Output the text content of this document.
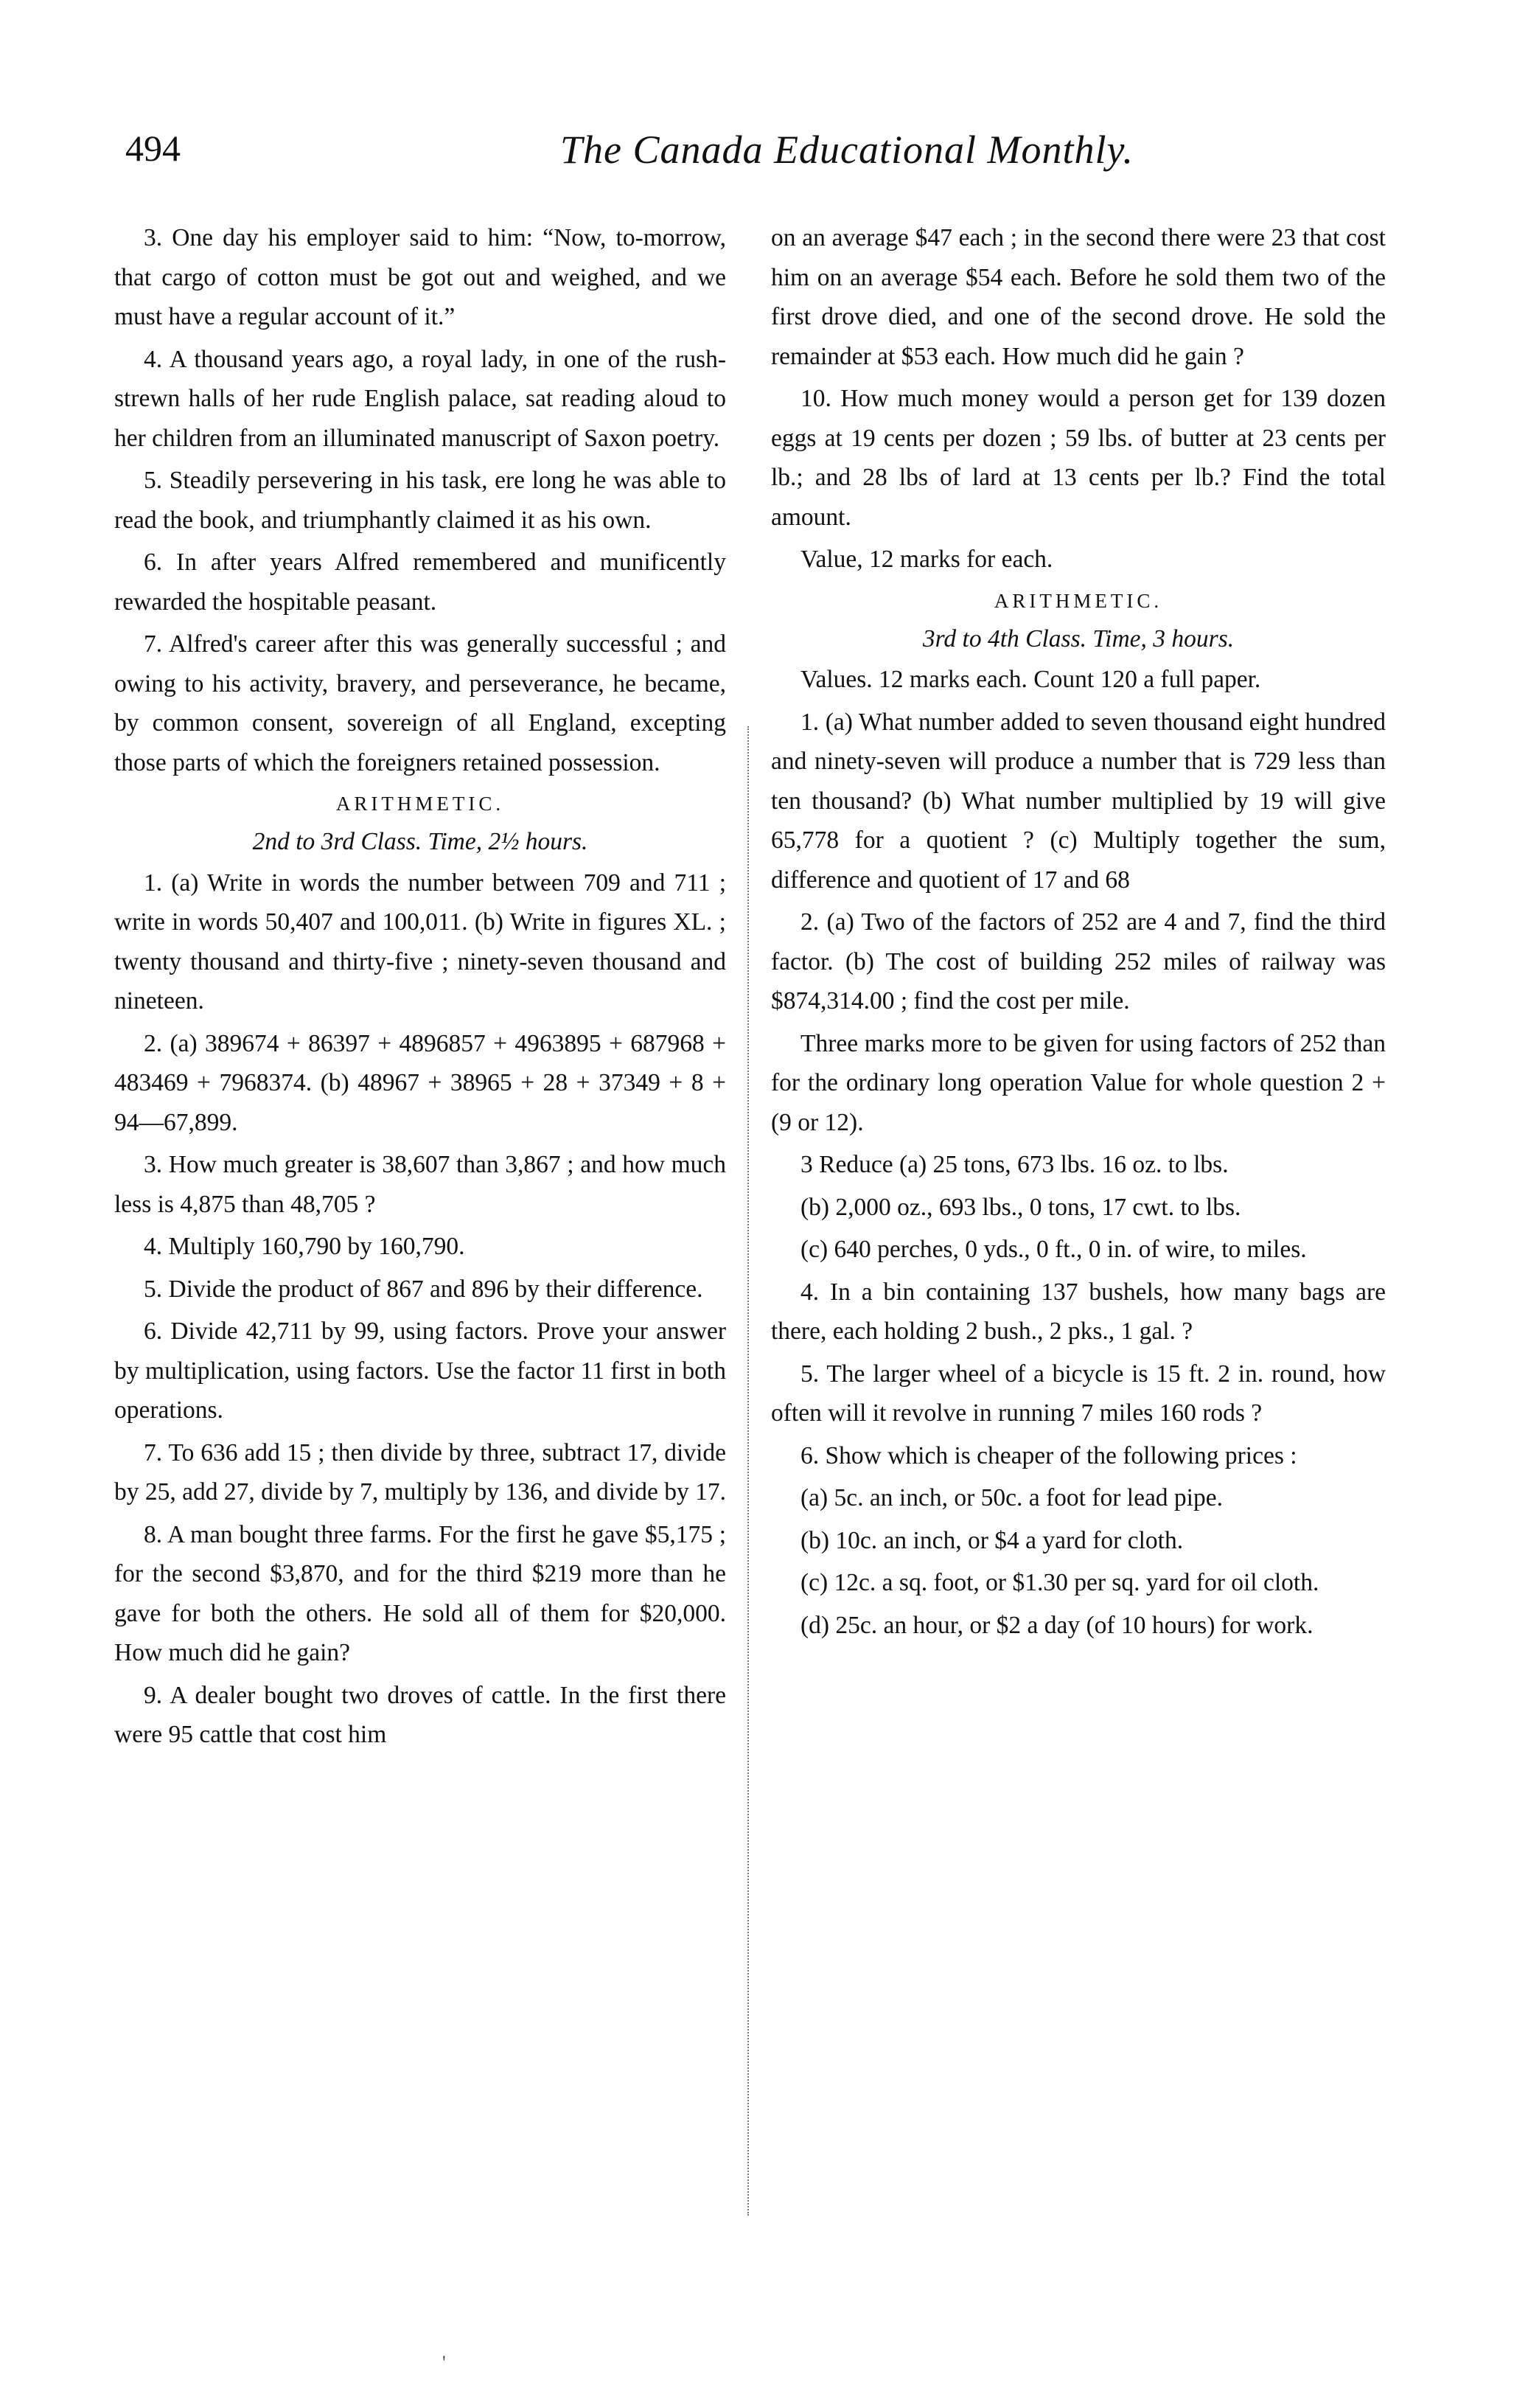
494	The Canada Educational Monthly.

3. One day his employer said to him: “Now, to-morrow, that cargo of cotton must be got out and weighed, and we must have a regular account of it.”

4. A thousand years ago, a royal lady, in one of the rush-strewn halls of her rude English palace, sat reading aloud to her children from an illuminated manuscript of Saxon poetry.

5. Steadily persevering in his task, ere long he was able to read the book, and triumphantly claimed it as his own.

6. In after years Alfred remembered and munificently rewarded the hospitable peasant.

7. Alfred's career after this was generally successful ; and owing to his activity, bravery, and perseverance, he became, by common consent, sovereign of all England, excepting those parts of which the foreigners retained possession.

ARITHMETIC.

2nd to 3rd Class. Time, 2½ hours.

1. (a) Write in words the number between 709 and 711 ; write in words 50,407 and 100,011. (b) Write in figures XL. ; twenty thousand and thirty-five ; ninety-seven thousand and nineteen.

2. (a) 389674 + 86397 + 4896857 + 4963895 + 687968 + 483469 + 7968374. (b) 48967 + 38965 + 28 + 37349 + 8 + 94—67,899.

3. How much greater is 38,607 than 3,867 ; and how much less is 4,875 than 48,705 ?

4. Multiply 160,790 by 160,790.

5. Divide the product of 867 and 896 by their difference.

6. Divide 42,711 by 99, using factors. Prove your answer by multiplication, using factors. Use the factor 11 first in both operations.

7. To 636 add 15 ; then divide by three, subtract 17, divide by 25, add 27, divide by 7, multiply by 136, and divide by 17.

8. A man bought three farms. For the first he gave $5,175 ; for the second $3,870, and for the third $219 more than he gave for both the others. He sold all of them for $20,000. How much did he gain?

9. A dealer bought two droves of cattle. In the first there were 95 cattle that cost him

on an average $47 each ; in the second there were 23 that cost him on an average $54 each. Before he sold them two of the first drove died, and one of the second drove. He sold the remainder at $53 each. How much did he gain ?

10. How much money would a person get for 139 dozen eggs at 19 cents per dozen ; 59 lbs. of butter at 23 cents per lb.; and 28 lbs of lard at 13 cents per lb.? Find the total amount.

Value, 12 marks for each.

ARITHMETIC.

3rd to 4th Class. Time, 3 hours.

Values. 12 marks each. Count 120 a full paper.

1. (a) What number added to seven thousand eight hundred and ninety-seven will produce a number that is 729 less than ten thousand? (b) What number multiplied by 19 will give 65,778 for a quotient ? (c) Multiply together the sum, difference and quotient of 17 and 68

2. (a) Two of the factors of 252 are 4 and 7, find the third factor. (b) The cost of building 252 miles of railway was $874,314.00 ; find the cost per mile.

Three marks more to be given for using factors of 252 than for the ordinary long operation Value for whole question 2 + (9 or 12).

3 Reduce (a) 25 tons, 673 lbs. 16 oz. to lbs.

(b) 2,000 oz., 693 lbs., 0 tons, 17 cwt. to lbs.

(c) 640 perches, 0 yds., 0 ft., 0 in. of wire, to miles.

4. In a bin containing 137 bushels, how many bags are there, each holding 2 bush., 2 pks., 1 gal. ?

5. The larger wheel of a bicycle is 15 ft. 2 in. round, how often will it revolve in running 7 miles 160 rods ?

6. Show which is cheaper of the following prices :

(a) 5c. an inch, or 50c. a foot for lead pipe.

(b) 10c. an inch, or $4 a yard for cloth.

(c) 12c. a sq. foot, or $1.30 per sq. yard for oil cloth.

(d) 25c. an hour, or $2 a day (of 10 hours) for work.

'
